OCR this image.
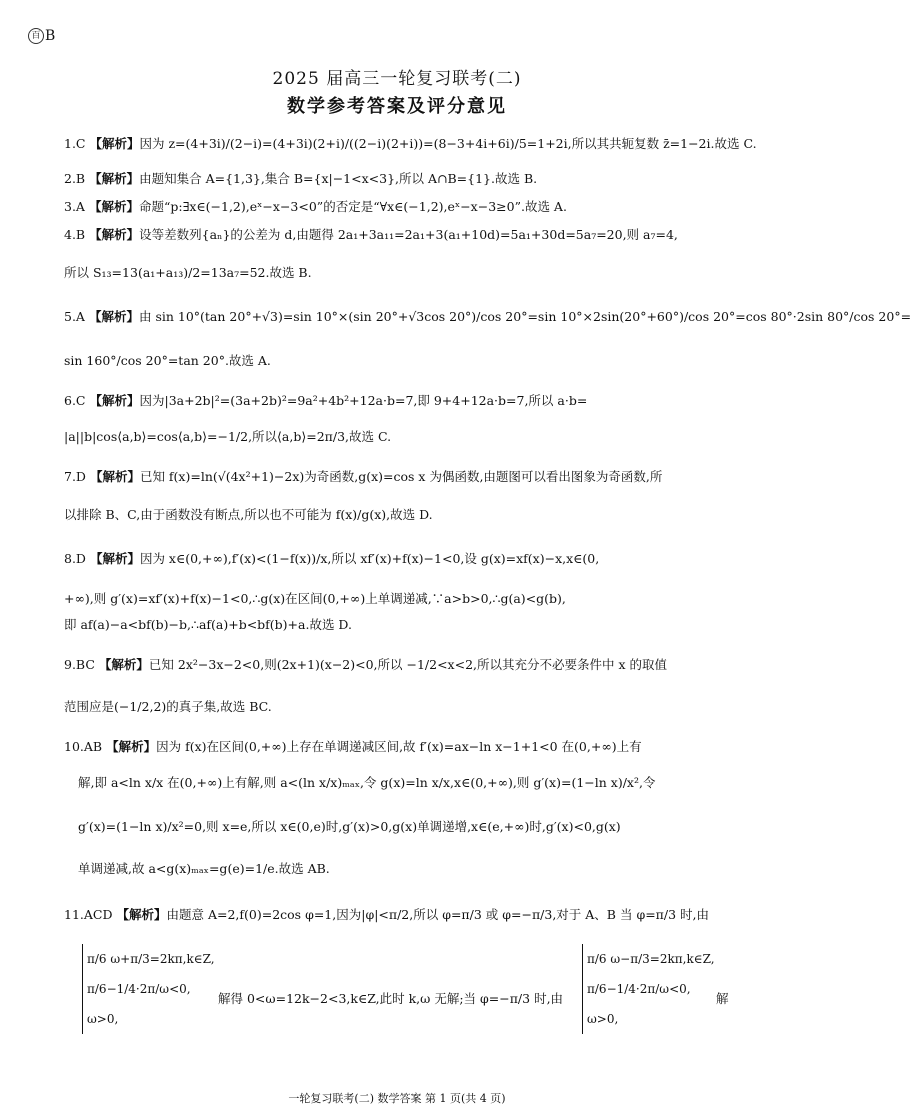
百 B
2025 届高三一轮复习联考(二)
数学参考答案及评分意见
1.C 【解析】因为 z=(4+3i)/(2−i)=(4+3i)(2+i)/((2−i)(2+i))=(8−3+4i+6i)/5=1+2i,所以其共轭复数 z̄=1−2i.故选 C.
2.B 【解析】由题知集合 A={1,3},集合 B={x|−1<x<3},所以 A∩B={1}.故选 B.
3.A 【解析】命题“p:∃x∈(−1,2),eˣ−x−3<0”的否定是“∀x∈(−1,2),eˣ−x−3≥0”.故选 A.
4.B 【解析】设等差数列{aₙ}的公差为 d,由题得 2a₁+3a₁₁=2a₁+3(a₁+10d)=5a₁+30d=5a₇=20,则 a₇=4,
所以 S₁₃=13(a₁+a₁₃)/2=13a₇=52.故选 B.
5.A 【解析】由 sin 10°(tan 20°+√3)=sin 10°×(sin 20°+√3cos 20°)/cos 20°=sin 10°×2sin(20°+60°)/cos 20°=cos 80°·2sin 80°/cos 20°=
sin 160°/cos 20°=tan 20°.故选 A.
6.C 【解析】因为|3a+2b|²=(3a+2b)²=9a²+4b²+12a·b=7,即 9+4+12a·b=7,所以 a·b=
|a||b|cos⟨a,b⟩=cos⟨a,b⟩=−1/2,所以⟨a,b⟩=2π/3,故选 C.
7.D 【解析】已知 f(x)=ln(√(4x²+1)−2x)为奇函数,g(x)=cos x 为偶函数,由题图可以看出图象为奇函数,所
以排除 B、C,由于函数没有断点,所以也不可能为 f(x)/g(x),故选 D.
8.D 【解析】因为 x∈(0,+∞),f′(x)<(1−f(x))/x,所以 xf′(x)+f(x)−1<0,设 g(x)=xf(x)−x,x∈(0,
+∞),则 g′(x)=xf′(x)+f(x)−1<0,∴g(x)在区间(0,+∞)上单调递减,∵a>b>0,∴g(a)<g(b),
即 af(a)−a<bf(b)−b,∴af(a)+b<bf(b)+a.故选 D.
9.BC 【解析】已知 2x²−3x−2<0,则(2x+1)(x−2)<0,所以 −1/2<x<2,所以其充分不必要条件中 x 的取值
范围应是(−1/2,2)的真子集,故选 BC.
10.AB 【解析】因为 f(x)在区间(0,+∞)上存在单调递减区间,故 f′(x)=ax−ln x−1+1<0 在(0,+∞)上有
解,即 a<ln x/x 在(0,+∞)上有解,则 a<(ln x/x)ₘₐₓ,令 g(x)=ln x/x,x∈(0,+∞),则 g′(x)=(1−ln x)/x²,令
g′(x)=(1−ln x)/x²=0,则 x=e,所以 x∈(0,e)时,g′(x)>0,g(x)单调递增,x∈(e,+∞)时,g′(x)<0,g(x)
单调递减,故 a<g(x)ₘₐₓ=g(e)=1/e.故选 AB.
11.ACD 【解析】由题意 A=2,f(0)=2cos φ=1,因为|φ|<π/2,所以 φ=π/3 或 φ=−π/3,对于 A、B 当 φ=π/3 时,由
π/6 ω+π/3=2kπ,k∈Z,
π/6−1/4·2π/ω<0,
ω>0,
解得 0<ω=12k−2<3,k∈Z,此时 k,ω 无解;当 φ=−π/3 时,由
π/6 ω−π/3=2kπ,k∈Z,
π/6−1/4·2π/ω<0,
ω>0,
解
一轮复习联考(二) 数学答案 第 1 页(共 4 页)
